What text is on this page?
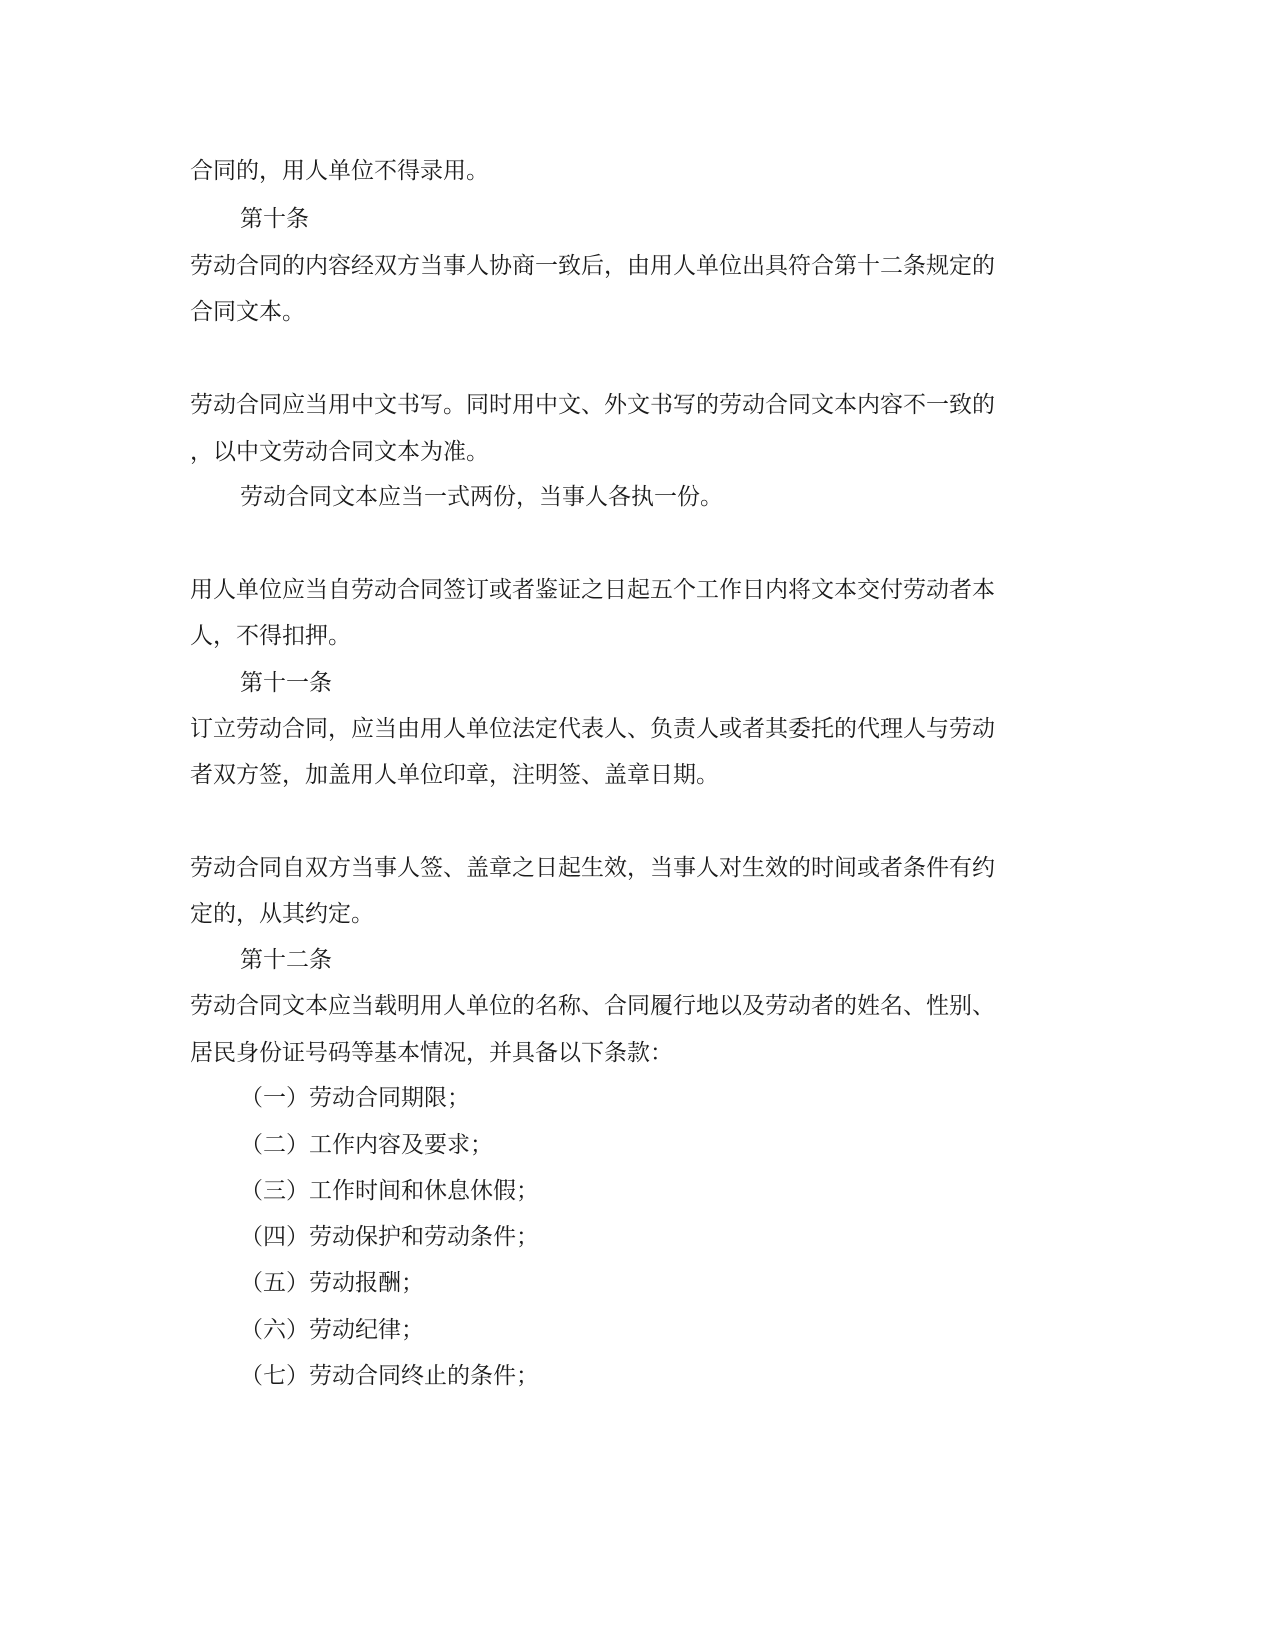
合同的，用人单位不得录用。
第十条
劳动合同的内容经双方当事人协商一致后，由用人单位出具符合第十二条规定的
合同文本。
劳动合同应当用中文书写。同时用中文、外文书写的劳动合同文本内容不一致的
，以中文劳动合同文本为准。
劳动合同文本应当一式两份，当事人各执一份。
用人单位应当自劳动合同签订或者鉴证之日起五个工作日内将文本交付劳动者本
人，不得扣押。
第十一条
订立劳动合同，应当由用人单位法定代表人、负责人或者其委托的代理人与劳动
者双方签，加盖用人单位印章，注明签、盖章日期。
劳动合同自双方当事人签、盖章之日起生效，当事人对生效的时间或者条件有约
定的，从其约定。
第十二条
劳动合同文本应当载明用人单位的名称、合同履行地以及劳动者的姓名、性别、
居民身份证号码等基本情况，并具备以下条款：
（一）劳动合同期限；
（二）工作内容及要求；
（三）工作时间和休息休假；
（四）劳动保护和劳动条件；
（五）劳动报酬；
（六）劳动纪律；
（七）劳动合同终止的条件；
